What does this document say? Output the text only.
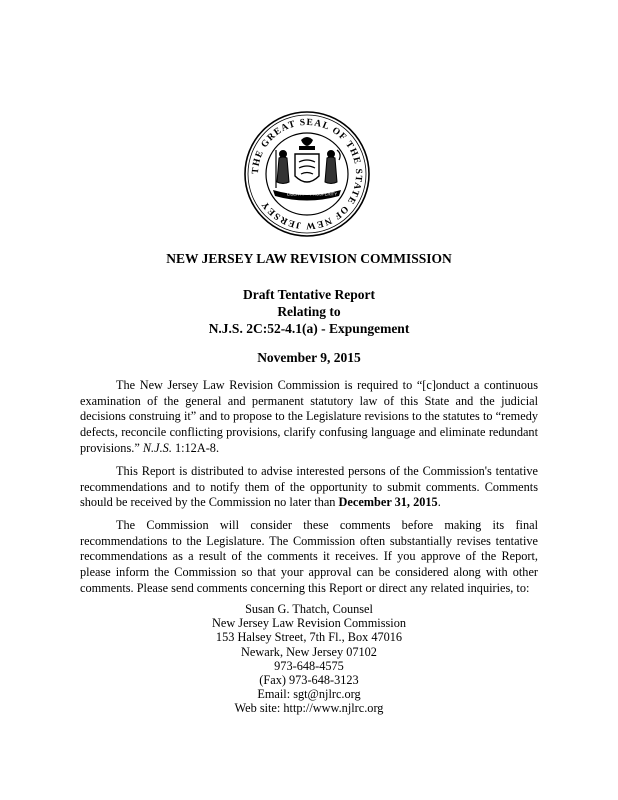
THE GREAT SEAL OF THE STATE OF NEW JERSEY
LIBERTY PROSPERITY
NEW JERSEY LAW REVISION COMMISSION
Draft Tentative Report
Relating to
N.J.S. 2C:52-4.1(a) - Expungement
November 9, 2015

The New Jersey Law Revision Commission is required to “[c]onduct a continuous examination of the general and permanent statutory law of this State and the judicial decisions construing it” and to propose to the Legislature revisions to the statutes to “remedy defects, reconcile conflicting provisions, clarify confusing language and eliminate redundant provisions.” N.J.S. 1:12A-8.

This Report is distributed to advise interested persons of the Commission's tentative recommendations and to notify them of the opportunity to submit comments. Comments should be received by the Commission no later than December 31, 2015.

The Commission will consider these comments before making its final recommendations to the Legislature. The Commission often substantially revises tentative recommendations as a result of the comments it receives. If you approve of the Report, please inform the Commission so that your approval can be considered along with other comments. Please send comments concerning this Report or direct any related inquiries, to:

Susan G. Thatch, Counsel
New Jersey Law Revision Commission
153 Halsey Street, 7th Fl., Box 47016
Newark, New Jersey 07102
973-648-4575
(Fax) 973-648-3123
Email: sgt@njlrc.org
Web site: http://www.njlrc.org
